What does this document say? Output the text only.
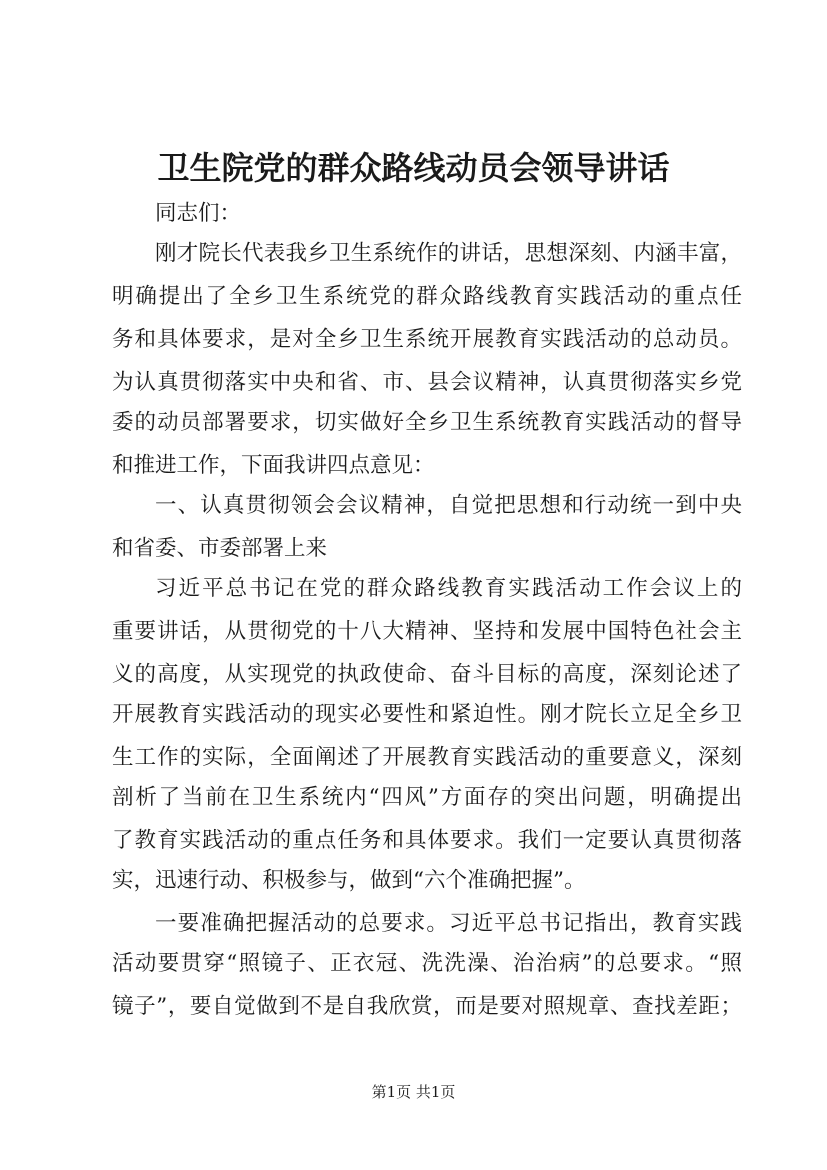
卫生院党的群众路线动员会领导讲话
同志们：
刚才院长代表我乡卫生系统作的讲话，思想深刻、内涵丰富，
明确提出了全乡卫生系统党的群众路线教育实践活动的重点任
务和具体要求，是对全乡卫生系统开展教育实践活动的总动员。
为认真贯彻落实中央和省、市、县会议精神，认真贯彻落实乡党
委的动员部署要求，切实做好全乡卫生系统教育实践活动的督导
和推进工作，下面我讲四点意见：
一、认真贯彻领会会议精神，自觉把思想和行动统一到中央
和省委、市委部署上来
习近平总书记在党的群众路线教育实践活动工作会议上的
重要讲话，从贯彻党的十八大精神、坚持和发展中国特色社会主
义的高度，从实现党的执政使命、奋斗目标的高度，深刻论述了
开展教育实践活动的现实必要性和紧迫性。刚才院长立足全乡卫
生工作的实际，全面阐述了开展教育实践活动的重要意义，深刻
剖析了当前在卫生系统内“四风”方面存的突出问题，明确提出
了教育实践活动的重点任务和具体要求。我们一定要认真贯彻落
实，迅速行动、积极参与，做到“六个准确把握”。
一要准确把握活动的总要求。习近平总书记指出，教育实践
活动要贯穿“照镜子、正衣冠、洗洗澡、治治病”的总要求。“照
镜子”，要自觉做到不是自我欣赏，而是要对照规章、查找差距；
第1页 共1页
